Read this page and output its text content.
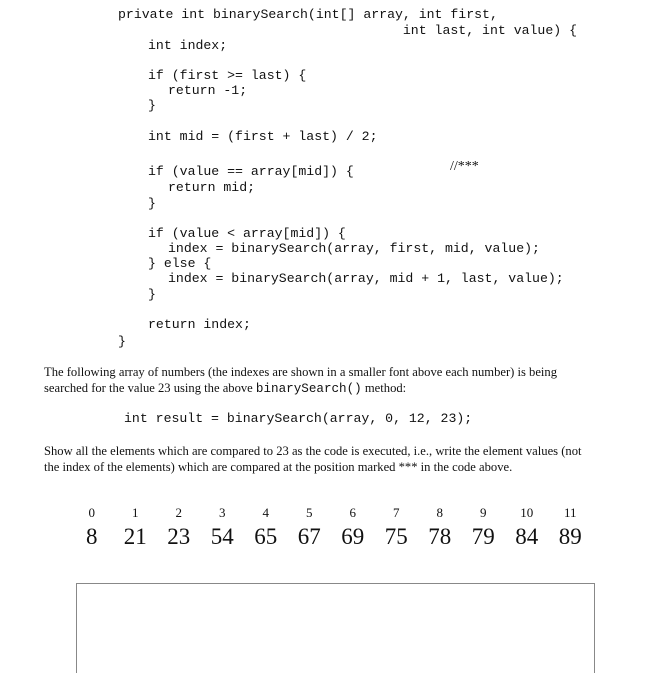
private int binarySearch(int[] array, int first,
int last, int value) {
int index;
if (first >= last) {
return -1;
}
int mid = (first + last) / 2;
if (value == array[mid]) {	//***
return mid;
}
if (value < array[mid]) {
index = binarySearch(array, first, mid, value);
} else {
index = binarySearch(array, mid + 1, last, value);
}
return index;
}

The following array of numbers (the indexes are shown in a smaller font above each number) is being searched for the value 23 using the above binarySearch() method:

int result = binarySearch(array, 0, 12, 23);

Show all the elements which are compared to 23 as the code is executed, i.e., write the element values (not the index of the elements) which are compared at the position marked *** in the code above.

0	1	2	3	4	5	6	7	8	9	10	11
8	21 23 54 65 67 69 75 78 79 84 89
